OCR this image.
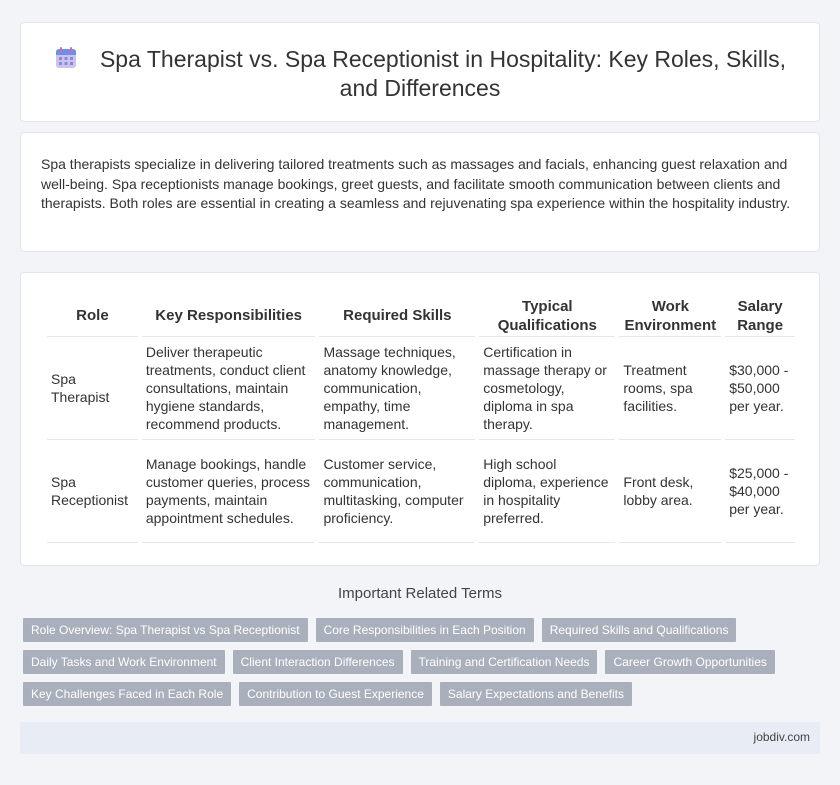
Spa Therapist vs. Spa Receptionist in Hospitality: Key Roles, Skills, and Differences

Spa therapists specialize in delivering tailored treatments such as massages and facials, enhancing guest relaxation and well-being. Spa receptionists manage bookings, greet guests, and facilitate smooth communication between clients and therapists. Both roles are essential in creating a seamless and rejuvenating spa experience within the hospitality industry.

Role	Key Responsibilities	Required Skills	Typical Qualifications	Work Environment	Salary Range
Spa Therapist	Deliver therapeutic treatments, conduct client consultations, maintain hygiene standards, recommend products.	Massage techniques, anatomy knowledge, communication, empathy, time management.	Certification in massage therapy or cosmetology, diploma in spa therapy.	Treatment rooms, spa facilities.	$30,000 - $50,000 per year.
Spa Receptionist	Manage bookings, handle customer queries, process payments, maintain appointment schedules.	Customer service, communication, multitasking, computer proficiency.	High school diploma, experience in hospitality preferred.	Front desk, lobby area.	$25,000 - $40,000 per year.
Important Related Terms
Role Overview: Spa Therapist vs Spa Receptionist	Core Responsibilities in Each Position	Required Skills and Qualifications
Daily Tasks and Work Environment	Client Interaction Differences	Training and Certification Needs	Career Growth Opportunities
Key Challenges Faced in Each Role	Contribution to Guest Experience	Salary Expectations and Benefits
jobdiv.com
